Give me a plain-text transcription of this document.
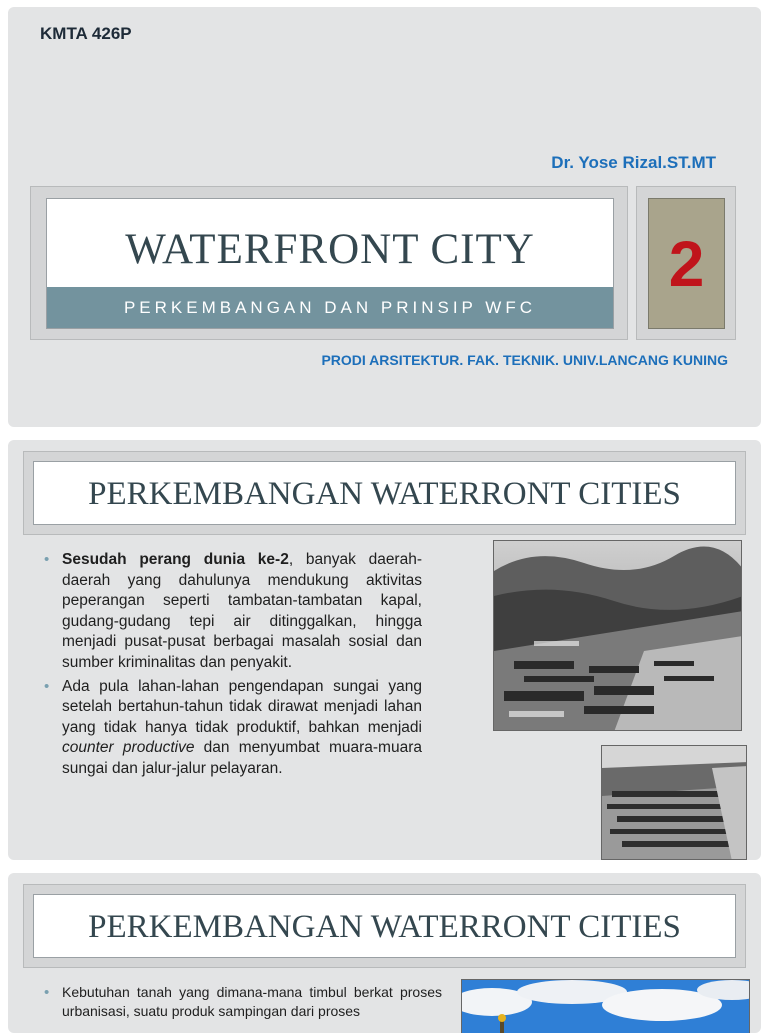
KMTA 426P
Dr. Yose Rizal.ST.MT
WATERFRONT CITY
PERKEMBANGAN DAN PRINSIP WFC
2
PRODI ARSITEKTUR. FAK. TEKNIK. UNIV.LANCANG KUNING
PERKEMBANGAN WATERRONT CITIES
• Sesudah perang dunia ke-2, banyak daerah-daerah yang dahulunya mendukung aktivitas peperangan seperti tambatan-tambatan kapal, gudang-gudang tepi air ditinggalkan, hingga menjadi pusat-pusat berbagai masalah sosial dan sumber kriminalitas dan penyakit.
• Ada pula lahan-lahan pengendapan sungai yang setelah bertahun-tahun tidak dirawat menjadi lahan yang tidak hanya tidak produktif, bahkan menjadi counter productive dan menyumbat muara-muara sungai dan jalur-jalur pelayaran.
PERKEMBANGAN WATERRONT CITIES
• Kebutuhan tanah yang dimana-mana timbul berkat proses urbanisasi, suatu produk sampingan dari proses
